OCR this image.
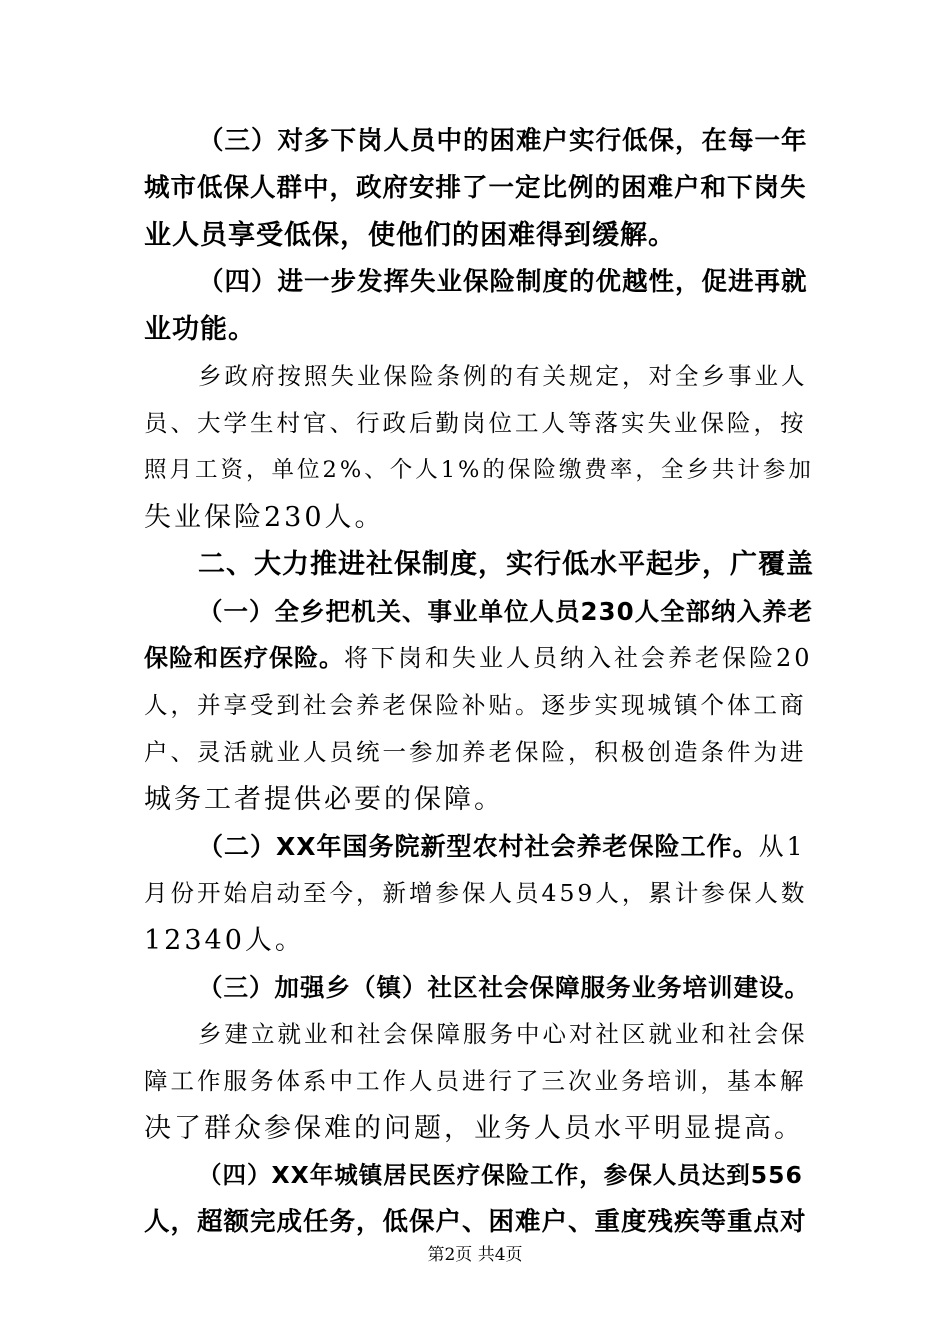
（三）对多下岗人员中的困难户实行低保，在每一年

城市低保人群中，政府安排了一定比例的困难户和下岗失

业人员享受低保，使他们的困难得到缓解。

（四）进一步发挥失业保险制度的优越性，促进再就

业功能。

乡政府按照失业保险条例的有关规定，对全乡事业人

员、大学生村官、行政后勤岗位工人等落实失业保险，按

照月工资，单位2%、个人1%的保险缴费率，全乡共计参加

失业保险230人。

二、大力推进社保制度，实行低水平起步，广覆盖

（一）全乡把机关、事业单位人员230人全部纳入养老

保险和医疗保险。将下岗和失业人员纳入社会养老保险20

人，并享受到社会养老保险补贴。逐步实现城镇个体工商

户、灵活就业人员统一参加养老保险，积极创造条件为进

城务工者提供必要的保障。

（二）XX年国务院新型农村社会养老保险工作。从1

月份开始启动至今，新增参保人员459人，累计参保人数

12340人。

（三）加强乡（镇）社区社会保障服务业务培训建设。

乡建立就业和社会保障服务中心对社区就业和社会保

障工作服务体系中工作人员进行了三次业务培训，基本解

决了群众参保难的问题，业务人员水平明显提高。

（四）XX年城镇居民医疗保险工作，参保人员达到556

人，超额完成任务，低保户、困难户、重度残疾等重点对

第2页 共4页
